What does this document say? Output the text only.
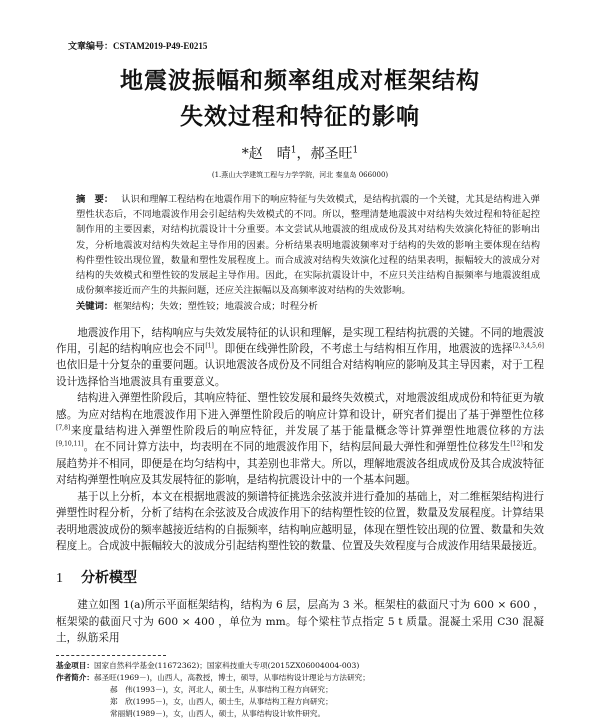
文章编号：CSTAM2019-P49-E0215
地震波振幅和频率组成对框架结构
失效过程和特征的影响
*赵　晴$^1$，郝圣旺$^1$
(1.燕山大学建筑工程与力学学院，河北 秦皇岛 066000)
摘　要： 认识和理解工程结构在地震作用下的响应特征与失效模式，是结构抗震的一个关键，尤其是结构进入弹塑性状态后，不同地震波作用会引起结构失效模式的不同。所以，整理清楚地震波中对结构失效过程和特征起控制作用的主要因素，对结构抗震设计十分重要。本文尝试从地震波的组成成份及其对结构失效演化特征的影响出发，分析地震波对结构失效起主导作用的因素。分析结果表明地震波频率对于结构的失效的影响主要体现在结构构件塑性铰出现位置，数量和塑性发展程度上。而合成波对结构失效演化过程的结果表明，振幅较大的波成分对结构的失效模式和塑性铰的发展起主导作用。因此，在实际抗震设计中，不应只关注结构自振频率与地震波组成成份频率接近而产生的共振问题，还应关注振幅以及高频率波对结构的失效影响。
关键词：框架结构；失效；塑性铰；地震波合成；时程分析

地震波作用下，结构响应与失效发展特征的认识和理解，是实现工程结构抗震的关键。不同的地震波作用，引起的结构响应也会不同[1]。即便在线弹性阶段，不考虑土与结构相互作用，地震波的选择[2,3,4,5,6]也依旧是十分复杂的重要问题。认识地震波各成份及不同组合对结构响应的影响及其主导因素，对于工程设计选择恰当地震波具有重要意义。

结构进入弹塑性阶段后，其响应特征、塑性铰发展和最终失效模式，对地震波组成成份和特征更为敏感。为应对结构在地震波作用下进入弹塑性阶段后的响应计算和设计，研究者们提出了基于弹塑性位移[7,8]来度量结构进入弹塑性阶段后的响应特征，并发展了基于能量概念等计算弹塑性地震位移的方法[9,10,11]。在不同计算方法中，均表明在不同的地震波作用下，结构层间最大弹性和弹塑性位移发生[12]和发展趋势并不相同，即便是在均匀结构中，其差别也非常大。所以，理解地震波各组成成份及其合成波特征对结构弹塑性响应及其发展特征的影响，是结构抗震设计中的一个基本问题。

基于以上分析，本文在根据地震波的频谱特征挑选余弦波并进行叠加的基础上，对二维框架结构进行弹塑性时程分析，分析了结构在余弦波及合成波作用下的结构塑性铰的位置，数量及发展程度。计算结果表明地震波成份的频率越接近结构的自振频率，结构响应越明显，体现在塑性铰出现的位置、数量和失效程度上。合成波中振幅较大的波成分引起结构塑性铰的数量、位置及失效程度与合成波作用结果最接近。

1 分析模型

建立如图 1(a)所示平面框架结构，结构为 6 层，层高为 3 米。框架柱的截面尺寸为 600 × 600 ，框架梁的截面尺寸为 600 × 400 ，单位为 mm。每个梁柱节点指定 5 t 质量。混凝土采用 C30 混凝土，纵筋采用

基金项目：国家自然科学基金(11672362)；国家科技重大专项(2015ZX06004004-003)
作者简介：郝圣旺(1969－)，山西人，高教授，博士，硕导，从事结构设计理论与方法研究；
郝　伟(1993－)，女，河北人，硕士生，从事结构工程方向研究；
郑　欣(1995－)，女，山西人，硕士生，从事结构工程方向研究；
常丽娟(1989－)，女，山西人，硕士，从事结构设计软件研究。
